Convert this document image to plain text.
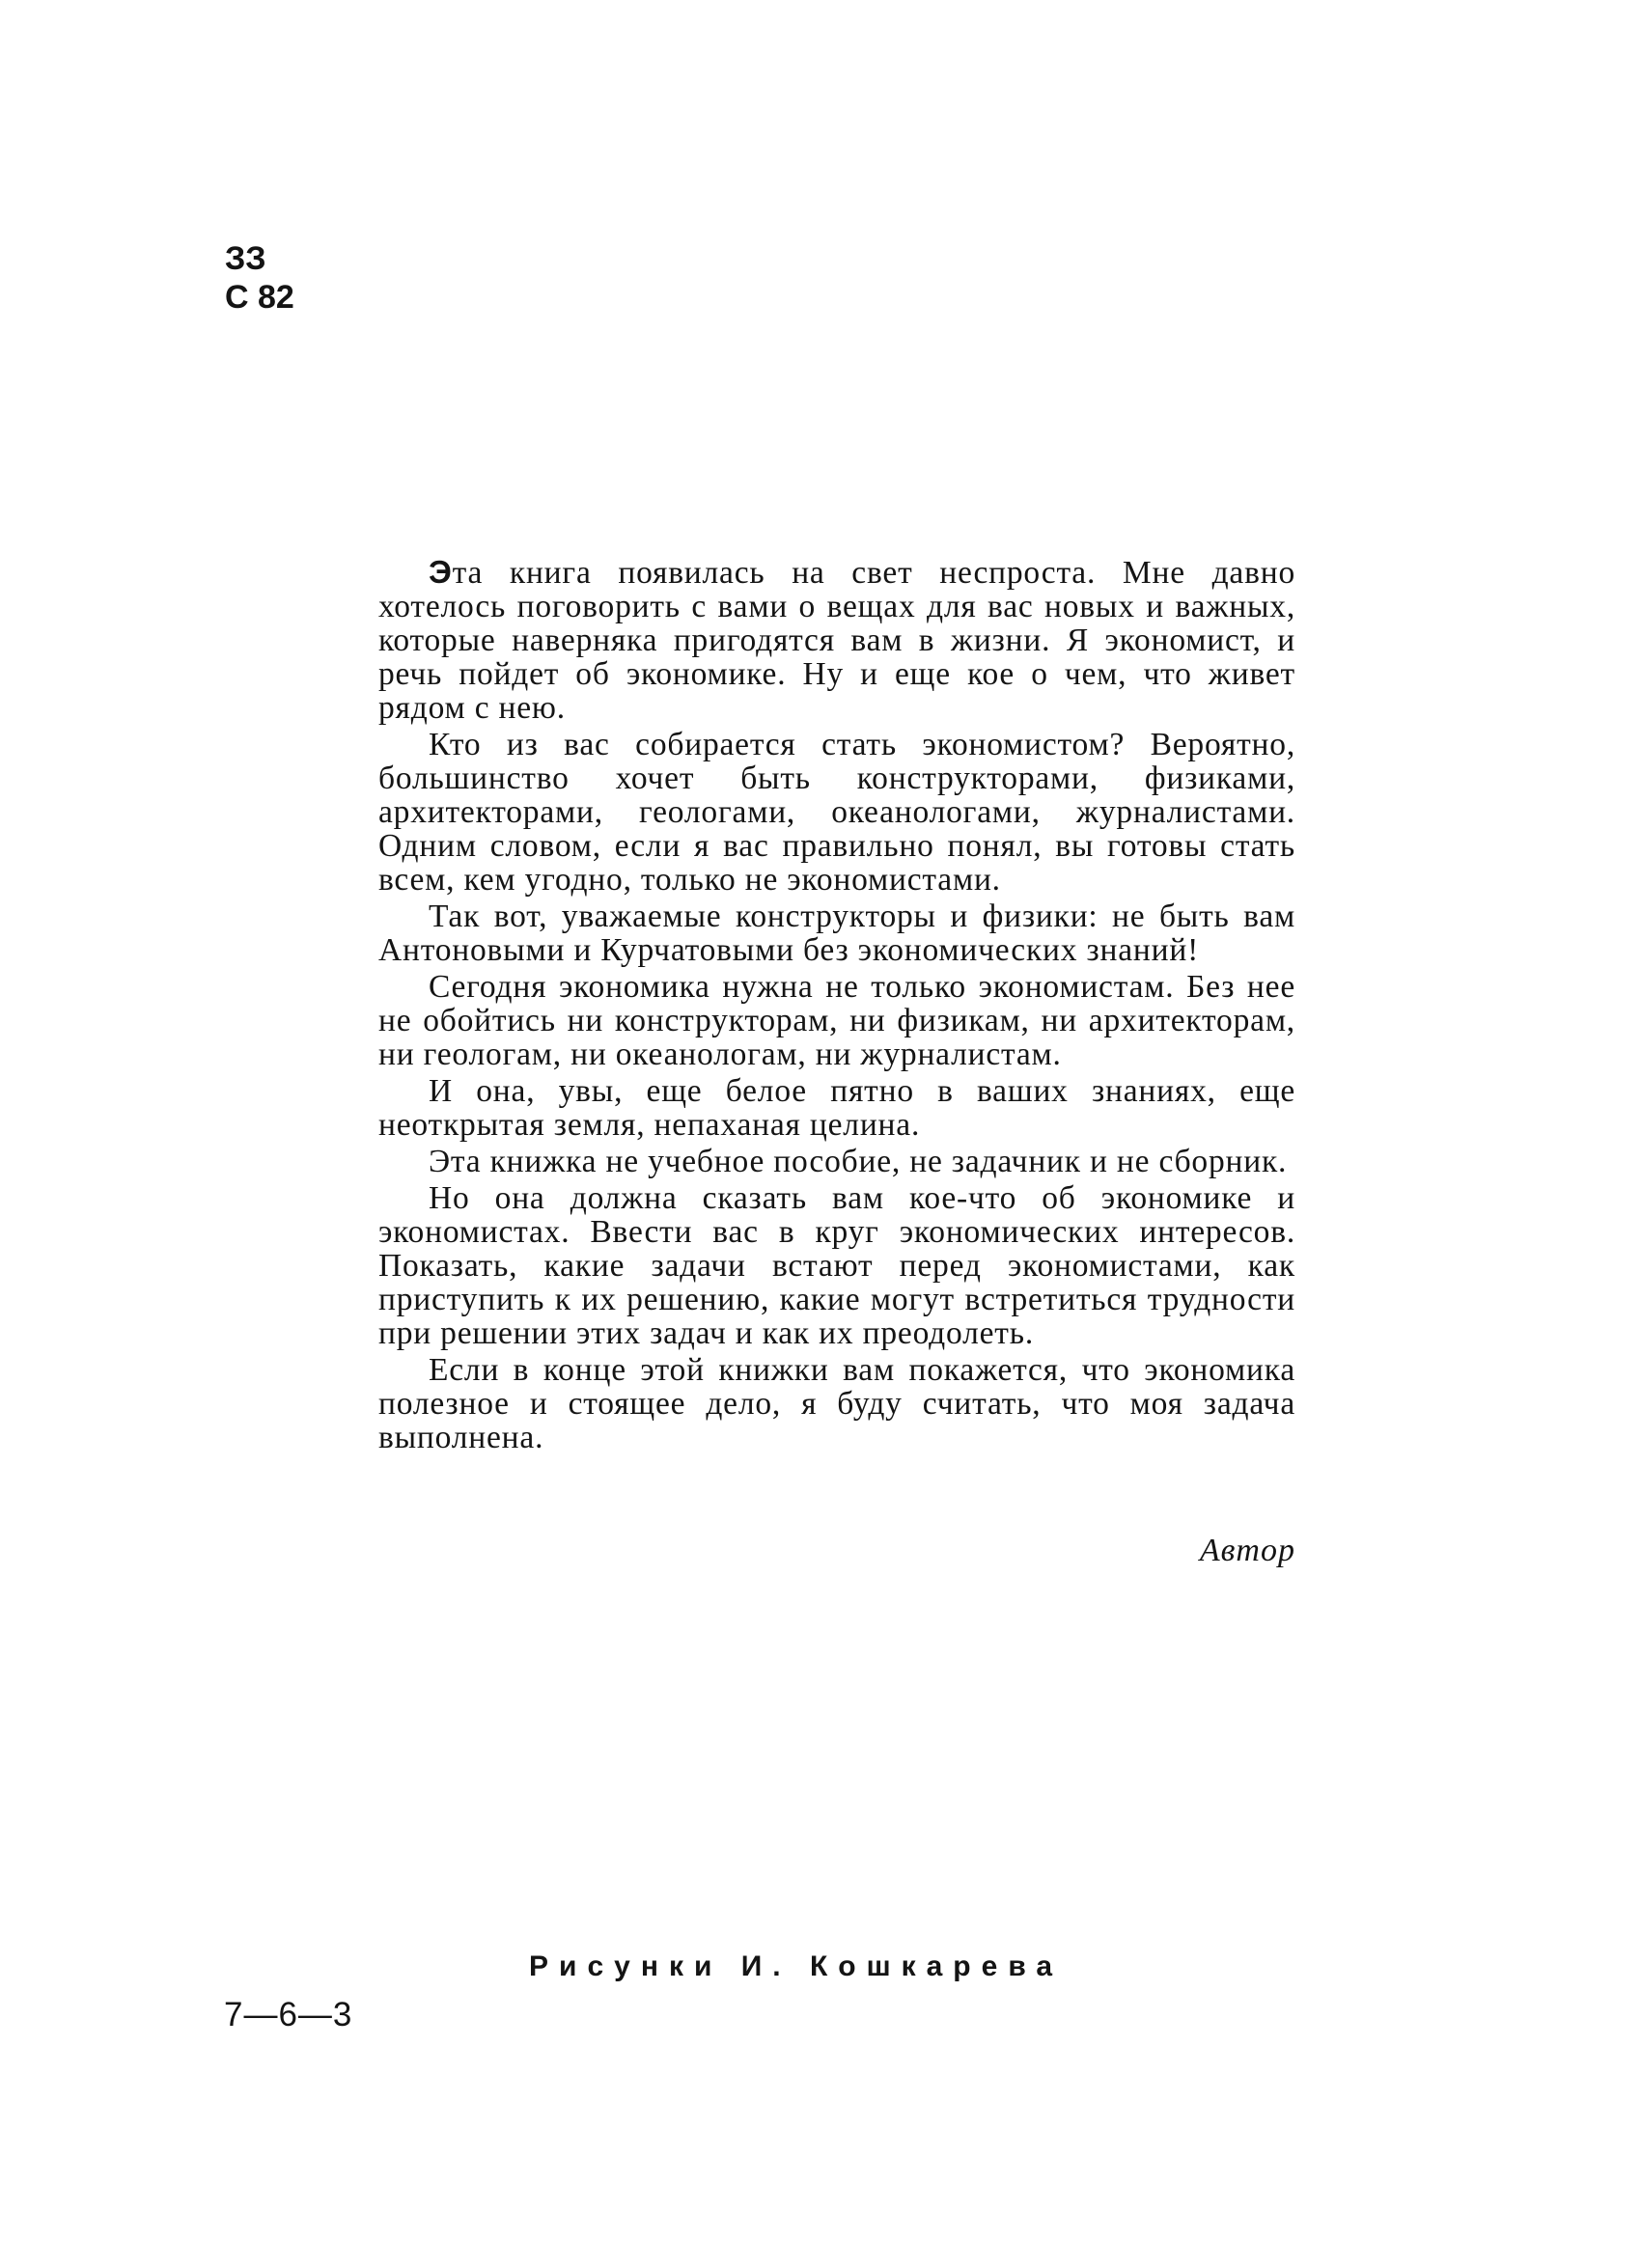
ЗЗ
С 82

Эта книга появилась на свет неспроста. Мне давно хотелось поговорить с вами о вещах для вас новых и важных, которые наверняка пригодятся вам в жизни. Я экономист, и речь пойдет об экономике. Ну и еще кое о чем, что живет рядом с нею.

Кто из вас собирается стать экономистом? Вероятно, большинство хочет быть конструкторами, физиками, архитекторами, геологами, океанологами, журналистами. Одним словом, если я вас правильно понял, вы готовы стать всем, кем угодно, только не экономистами.

Так вот, уважаемые конструкторы и физики: не быть вам Антоновыми и Курчатовыми без экономических знаний!

Сегодня экономика нужна не только экономистам. Без нее не обойтись ни конструкторам, ни физикам, ни архитекторам, ни геологам, ни океанологам, ни журналистам.

И она, увы, еще белое пятно в ваших знаниях, еще неоткрытая земля, непаханая целина.

Эта книжка не учебное пособие, не задачник и не сборник.

Но она должна сказать вам кое-что об экономике и экономистах. Ввести вас в круг экономических интересов. Показать, какие задачи встают перед экономистами, как приступить к их решению, какие могут встретиться трудности при решении этих задач и как их преодолеть.

Если в конце этой книжки вам покажется, что экономика полезное и стоящее дело, я буду считать, что моя задача выполнена.

Автор
Рисунки И. Кошкарева
7—6—3
